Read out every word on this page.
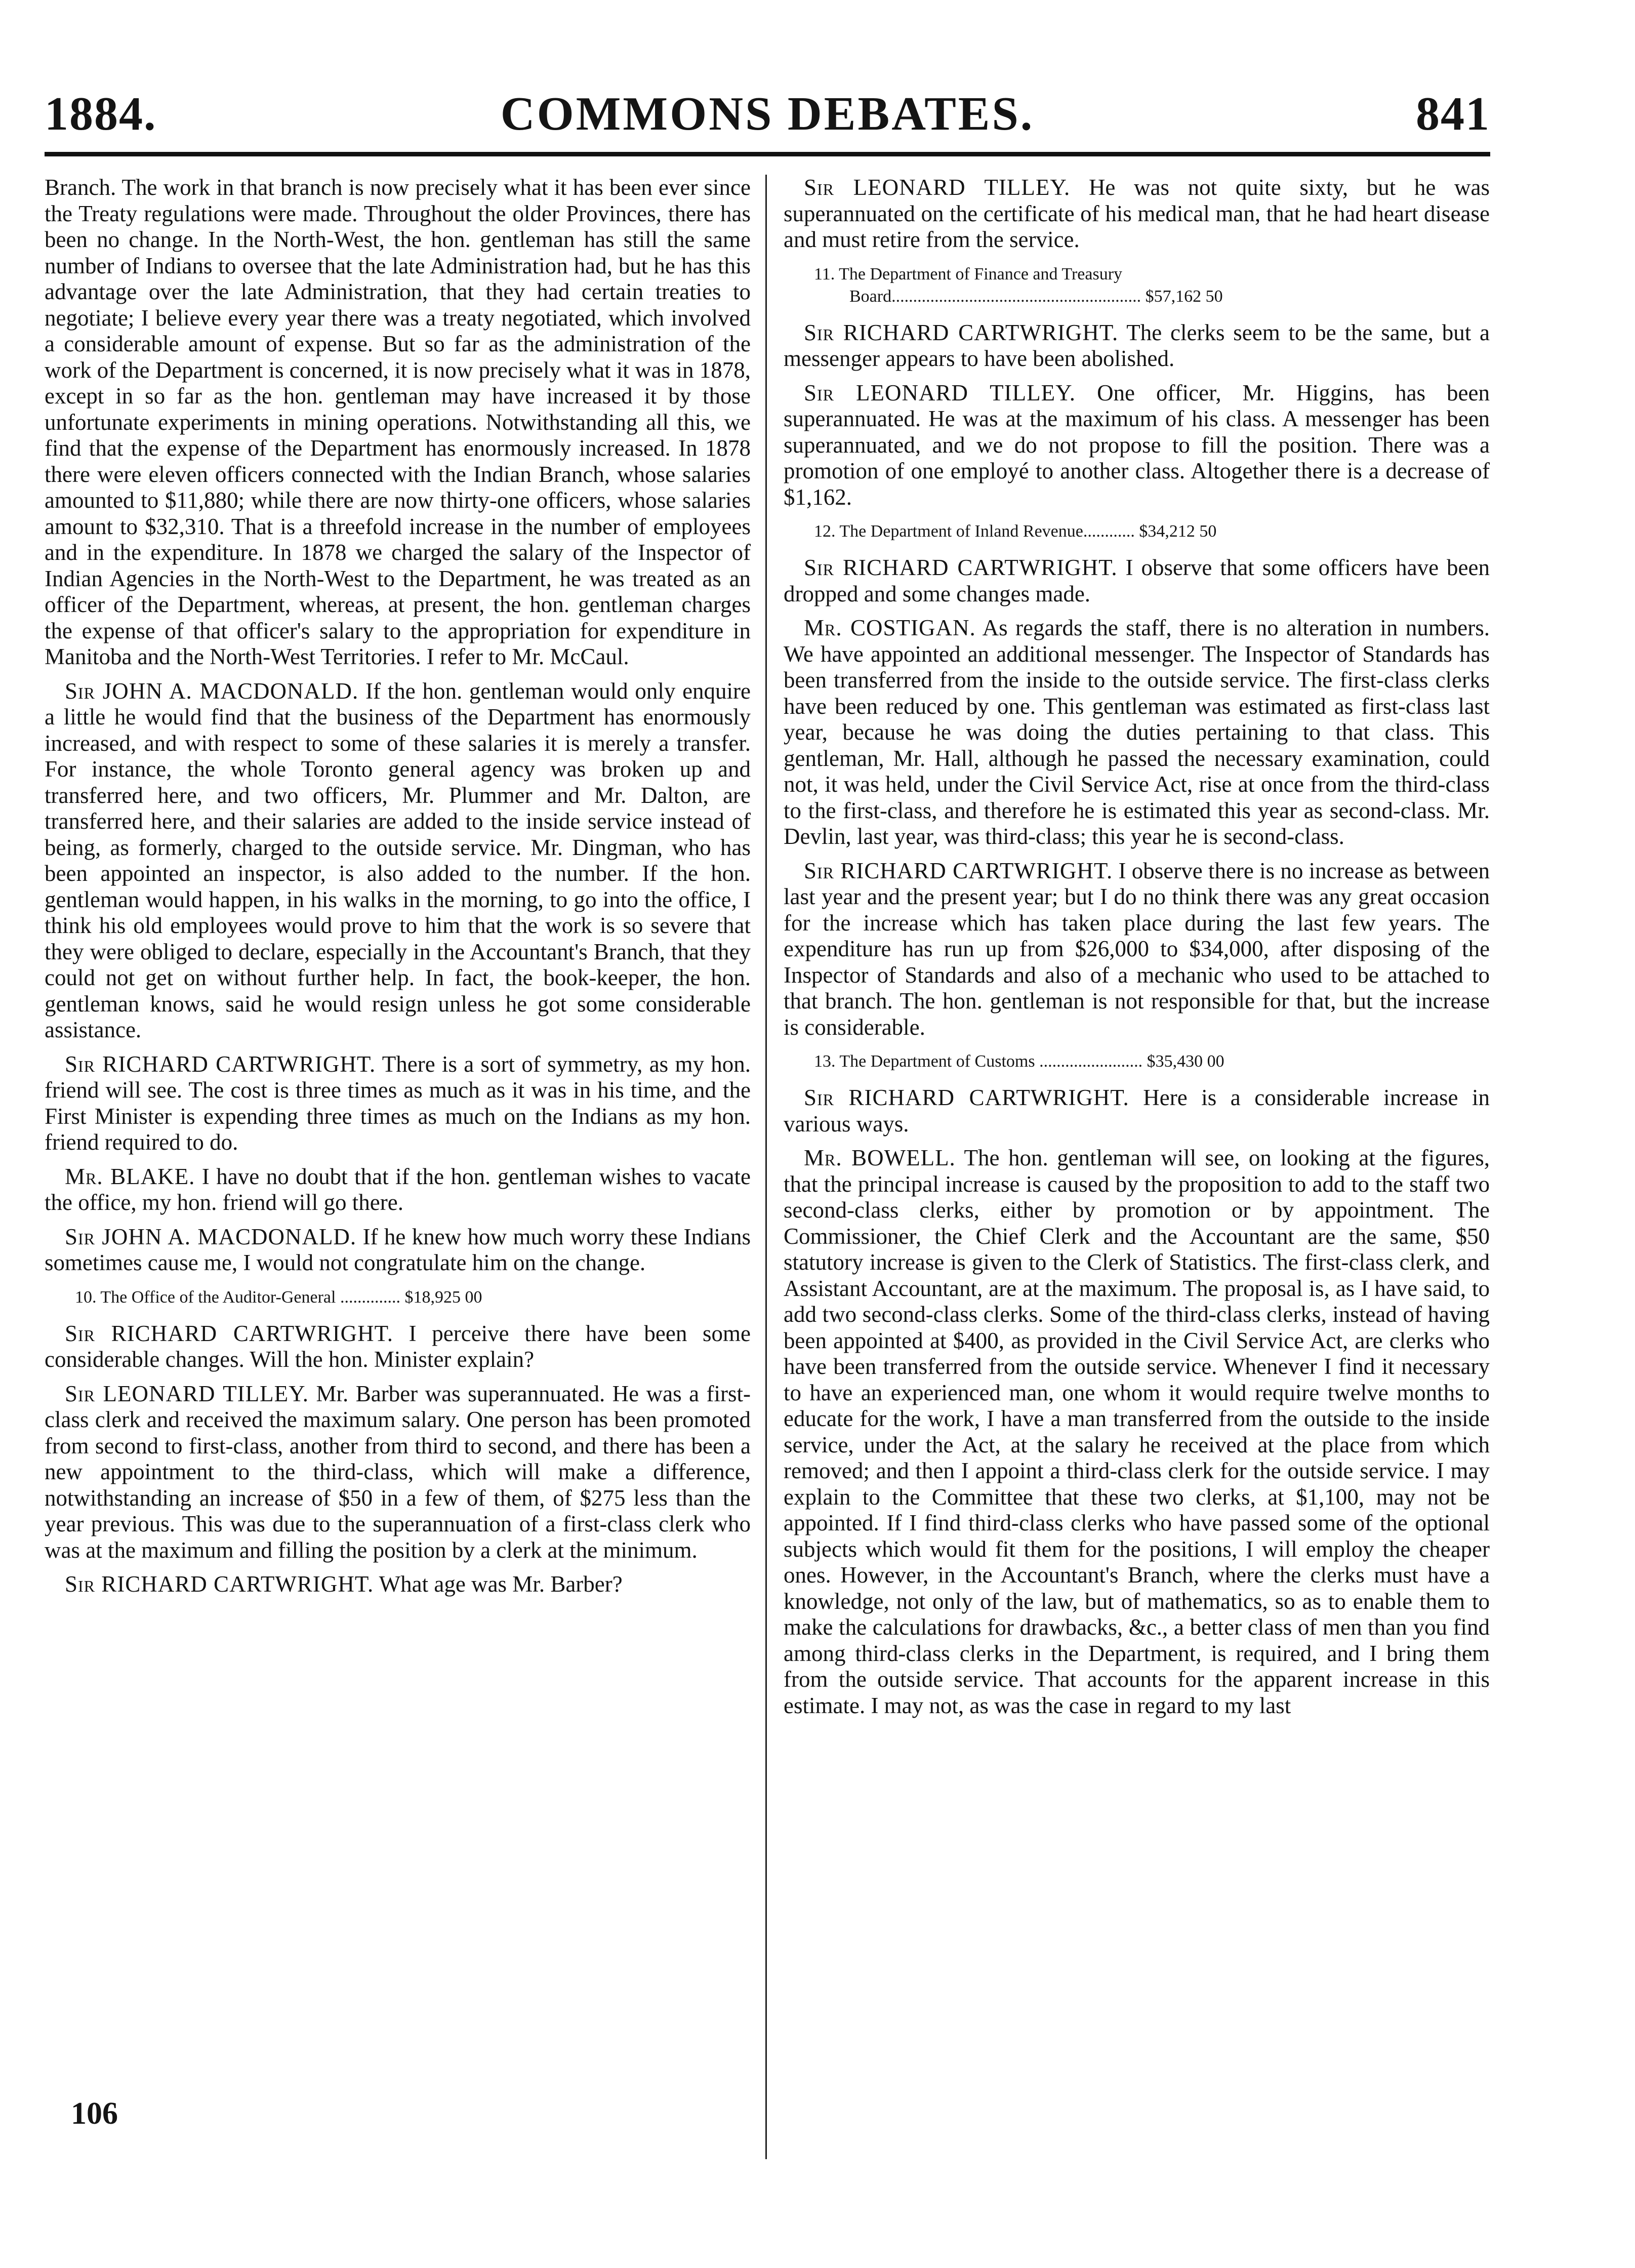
COMMONS DEBATES.
1884.	841

Branch. The work in that branch is now precisely what it has been ever since the Treaty regulations were made. Throughout the older Provinces, there has been no change. In the North-West, the hon. gentleman has still the same number of Indians to oversee that the late Administration had, but he has this advantage over the late Administration, that they had certain treaties to negotiate; I believe every year there was a treaty negotiated, which involved a considerable amount of expense. But so far as the administration of the work of the Department is concerned, it is now precisely what it was in 1878, except in so far as the hon. gentleman may have increased it by those unfortunate experiments in mining operations. Notwithstanding all this, we find that the expense of the Department has enormously increased. In 1878 there were eleven officers connected with the Indian Branch, whose salaries amounted to $11,880; while there are now thirty-one officers, whose salaries amount to $32,310. That is a threefold increase in the number of employees and in the expenditure. In 1878 we charged the salary of the Inspector of Indian Agencies in the North-West to the Department, he was treated as an officer of the Department, whereas, at present, the hon. gentleman charges the expense of that officer's salary to the appropriation for expenditure in Manitoba and the North-West Territories. I refer to Mr. McCaul.

Sir JOHN A. MACDONALD. If the hon. gentleman would only enquire a little he would find that the business of the Department has enormously increased, and with respect to some of these salaries it is merely a transfer. For instance, the whole Toronto general agency was broken up and transferred here, and two officers, Mr. Plummer and Mr. Dalton, are transferred here, and their salaries are added to the inside service instead of being, as formerly, charged to the outside service. Mr. Dingman, who has been appointed an inspector, is also added to the number. If the hon. gentleman would happen, in his walks in the morning, to go into the office, I think his old employees would prove to him that the work is so severe that they were obliged to declare, especially in the Accountant's Branch, that they could not get on without further help. In fact, the book-keeper, the hon. gentleman knows, said he would resign unless he got some considerable assistance.

Sir RICHARD CARTWRIGHT. There is a sort of symmetry, as my hon. friend will see. The cost is three times as much as it was in his time, and the First Minister is expending three times as much on the Indians as my hon. friend required to do.

Mr. BLAKE. I have no doubt that if the hon. gentleman wishes to vacate the office, my hon. friend will go there.

Sir JOHN A. MACDONALD. If he knew how much worry these Indians sometimes cause me, I would not congratulate him on the change.

10. The Office of the Auditor-General .............. $18,925 00

Sir RICHARD CARTWRIGHT. I perceive there have been some considerable changes. Will the hon. Minister explain?

Sir LEONARD TILLEY. Mr. Barber was superannuated. He was a first-class clerk and received the maximum salary. One person has been promoted from second to first-class, another from third to second, and there has been a new appointment to the third-class, which will make a difference, notwithstanding an increase of $50 in a few of them, of $275 less than the year previous. This was due to the superannuation of a first-class clerk who was at the maximum and filling the position by a clerk at the minimum.

Sir RICHARD CARTWRIGHT. What age was Mr. Barber?

106

Sir LEONARD TILLEY. He was not quite sixty, but he was superannuated on the certificate of his medical man, that he had heart disease and must retire from the service.

11. The Department of Finance and Treasury
Board.......................................................... $57,162 50

Sir RICHARD CARTWRIGHT. The clerks seem to be the same, but a messenger appears to have been abolished.

Sir LEONARD TILLEY. One officer, Mr. Higgins, has been superannuated. He was at the maximum of his class. A messenger has been superannuated, and we do not propose to fill the position. There was a promotion of one employé to another class. Altogether there is a decrease of $1,162.

12. The Department of Inland Revenue............ $34,212 50

Sir RICHARD CARTWRIGHT. I observe that some officers have been dropped and some changes made.

Mr. COSTIGAN. As regards the staff, there is no alteration in numbers. We have appointed an additional messenger. The Inspector of Standards has been transferred from the inside to the outside service. The first-class clerks have been reduced by one. This gentleman was estimated as first-class last year, because he was doing the duties pertaining to that class. This gentleman, Mr. Hall, although he passed the necessary examination, could not, it was held, under the Civil Service Act, rise at once from the third-class to the first-class, and therefore he is estimated this year as second-class. Mr. Devlin, last year, was third-class; this year he is second-class.

Sir RICHARD CARTWRIGHT. I observe there is no increase as between last year and the present year; but I do no think there was any great occasion for the increase which has taken place during the last few years. The expenditure has run up from $26,000 to $34,000, after disposing of the Inspector of Standards and also of a mechanic who used to be attached to that branch. The hon. gentleman is not responsible for that, but the increase is considerable.

13. The Department of Customs ........................ $35,430 00

Sir RICHARD CARTWRIGHT. Here is a considerable increase in various ways.

Mr. BOWELL. The hon. gentleman will see, on looking at the figures, that the principal increase is caused by the proposition to add to the staff two second-class clerks, either by promotion or by appointment. The Commissioner, the Chief Clerk and the Accountant are the same, $50 statutory increase is given to the Clerk of Statistics. The first-class clerk, and Assistant Accountant, are at the maximum. The proposal is, as I have said, to add two second-class clerks. Some of the third-class clerks, instead of having been appointed at $400, as provided in the Civil Service Act, are clerks who have been transferred from the outside service. Whenever I find it necessary to have an experienced man, one whom it would require twelve months to educate for the work, I have a man transferred from the outside to the inside service, under the Act, at the salary he received at the place from which removed; and then I appoint a third-class clerk for the outside service. I may explain to the Committee that these two clerks, at $1,100, may not be appointed. If I find third-class clerks who have passed some of the optional subjects which would fit them for the positions, I will employ the cheaper ones. However, in the Accountant's Branch, where the clerks must have a knowledge, not only of the law, but of mathematics, so as to enable them to make the calculations for drawbacks, &c., a better class of men than you find among third-class clerks in the Department, is required, and I bring them from the outside service. That accounts for the apparent increase in this estimate. I may not, as was the case in regard to my last
